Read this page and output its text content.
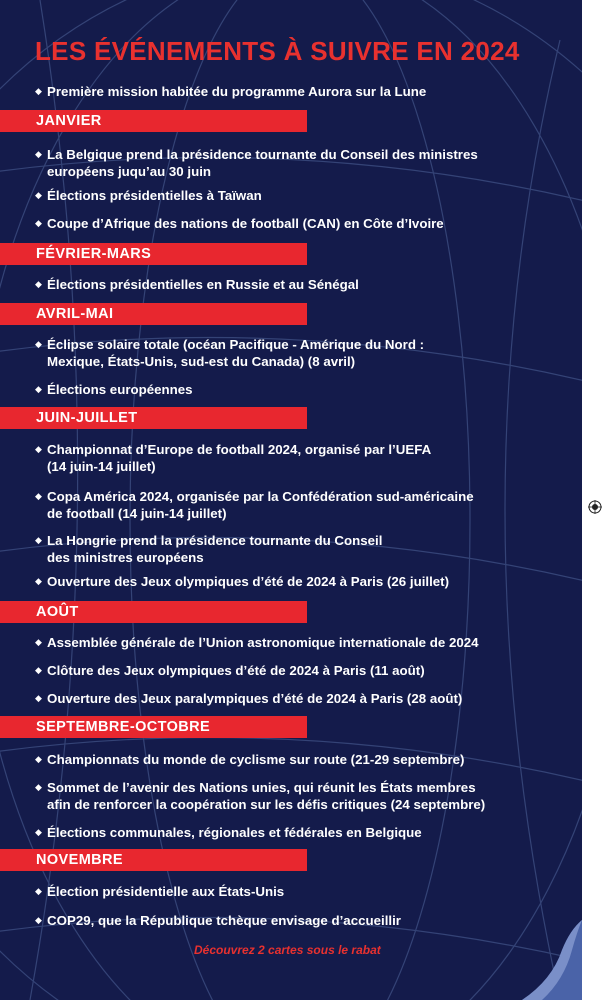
LES ÉVÉNEMENTS À SUIVRE EN 2024
◆ Première mission habitée du programme Aurora sur la Lune
JANVIER
◆ La Belgique prend la présidence tournante du Conseil des ministres
européens juqu’au 30 juin
◆ Élections présidentielles à Taïwan
◆ Coupe d’Afrique des nations de football (CAN) en Côte d’Ivoire
FÉVRIER-MARS
◆ Élections présidentielles en Russie et au Sénégal
AVRIL-MAI
◆ Éclipse solaire totale (océan Pacifique - Amérique du Nord :
Mexique, États-Unis, sud-est du Canada) (8 avril)
◆ Élections européennes
JUIN-JUILLET
◆ Championnat d’Europe de football 2024, organisé par l’UEFA
(14 juin-14 juillet)
◆ Copa América 2024, organisée par la Confédération sud-américaine
de football (14 juin-14 juillet)
◆ La Hongrie prend la présidence tournante du Conseil
des ministres européens
◆ Ouverture des Jeux olympiques d’été de 2024 à Paris (26 juillet)
AOÛT
◆ Assemblée générale de l’Union astronomique internationale de 2024
◆ Clôture des Jeux olympiques d’été de 2024 à Paris (11 août)
◆ Ouverture des Jeux paralympiques d’été de 2024 à Paris (28 août)
SEPTEMBRE-OCTOBRE
◆ Championnats du monde de cyclisme sur route (21-29 septembre)
◆ Sommet de l’avenir des Nations unies, qui réunit les États membres
afin de renforcer la coopération sur les défis critiques (24 septembre)
◆ Élections communales, régionales et fédérales en Belgique
NOVEMBRE
◆ Élection présidentielle aux États-Unis
◆ COP29, que la République tchèque envisage d’accueillir
Découvrez 2 cartes sous le rabat
